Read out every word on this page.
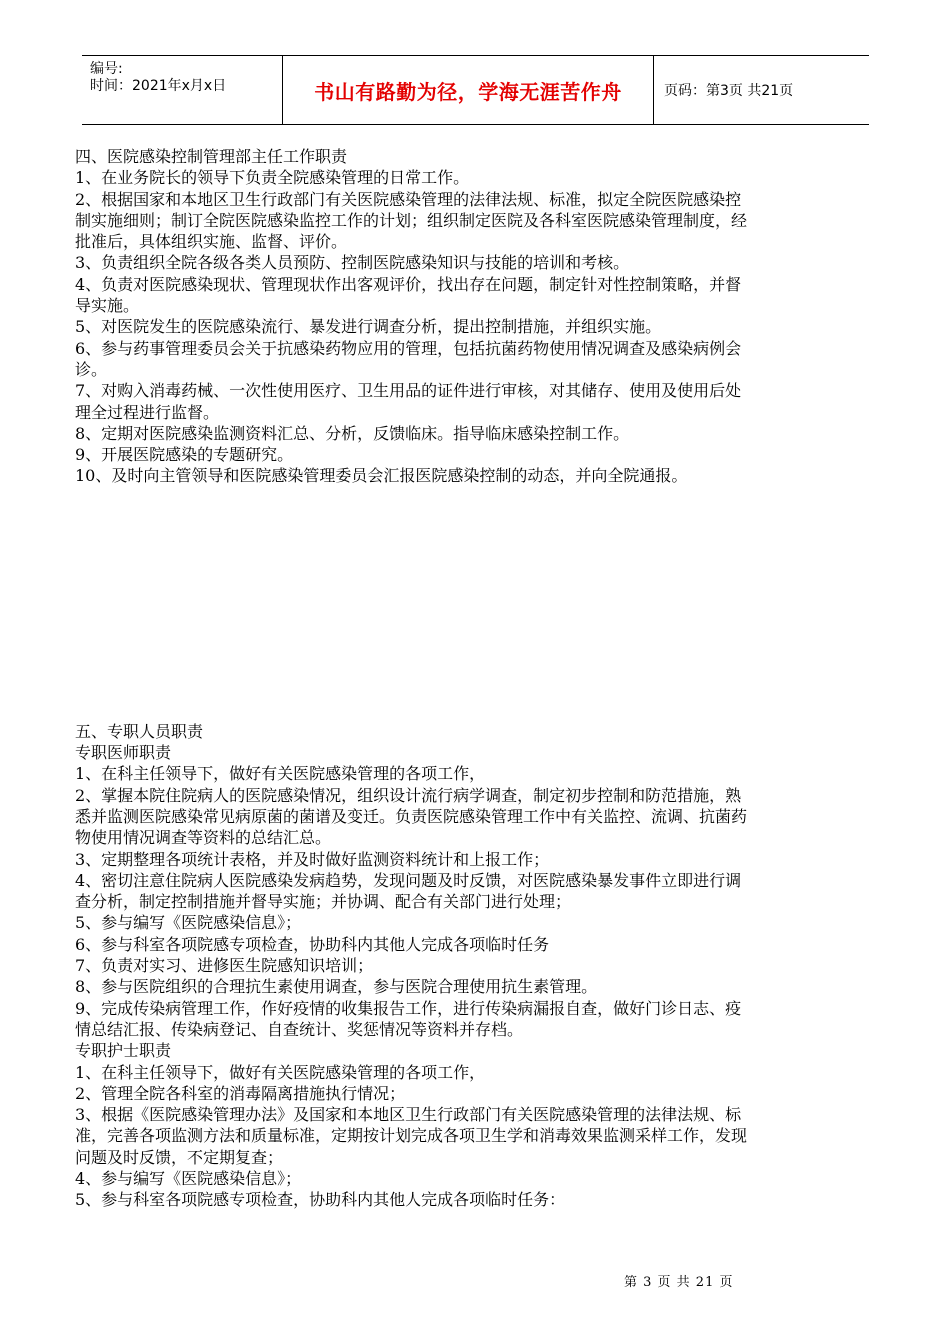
编号:
时间：2021年x月x日	书山有路勤为径，学海无涯苦作舟	页码：第3页 共21页
四、医院感染控制管理部主任工作职责
1、在业务院长的领导下负责全院感染管理的日常工作。
2、根据国家和本地区卫生行政部门有关医院感染管理的法律法规、标准，拟定全院医院感染控
制实施细则；制订全院医院感染监控工作的计划；组织制定医院及各科室医院感染管理制度，经
批准后，具体组织实施、监督、评价。
3、负责组织全院各级各类人员预防、控制医院感染知识与技能的培训和考核。
4、负责对医院感染现状、管理现状作出客观评价，找出存在问题，制定针对性控制策略，并督
导实施。
5、对医院发生的医院感染流行、暴发进行调查分析，提出控制措施，并组织实施。
6、参与药事管理委员会关于抗感染药物应用的管理，包括抗菌药物使用情况调查及感染病例会
诊。
7、对购入消毒药械、一次性使用医疗、卫生用品的证件进行审核，对其储存、使用及使用后处
理全过程进行监督。
8、定期对医院感染监测资料汇总、分析，反馈临床。指导临床感染控制工作。
9、开展医院感染的专题研究。
10、及时向主管领导和医院感染管理委员会汇报医院感染控制的动态，并向全院通报。
五、专职人员职责
专职医师职责
1、在科主任领导下，做好有关医院感染管理的各项工作，
2、掌握本院住院病人的医院感染情况，组织设计流行病学调查，制定初步控制和防范措施，熟
悉并监测医院感染常见病原菌的菌谱及变迁。负责医院感染管理工作中有关监控、流调、抗菌药
物使用情况调查等资料的总结汇总。
3、定期整理各项统计表格，并及时做好监测资料统计和上报工作；
4、密切注意住院病人医院感染发病趋势，发现问题及时反馈，对医院感染暴发事件立即进行调
查分析，制定控制措施并督导实施；并协调、配合有关部门进行处理；
5、参与编写《医院感染信息》；
6、参与科室各项院感专项检查，协助科内其他人完成各项临时任务
7、负责对实习、进修医生院感知识培训；
8、参与医院组织的合理抗生素使用调查，参与医院合理使用抗生素管理。
9、完成传染病管理工作，作好疫情的收集报告工作，进行传染病漏报自查，做好门诊日志、疫
情总结汇报、传染病登记、自查统计、奖惩情况等资料并存档。
专职护士职责
1、在科主任领导下，做好有关医院感染管理的各项工作，
2、管理全院各科室的消毒隔离措施执行情况；
3、根据《医院感染管理办法》及国家和本地区卫生行政部门有关医院感染管理的法律法规、标
准，完善各项监测方法和质量标准，定期按计划完成各项卫生学和消毒效果监测采样工作，发现
问题及时反馈，不定期复查；
4、参与编写《医院感染信息》；
5、参与科室各项院感专项检查，协助科内其他人完成各项临时任务：
第 3 页 共 21 页
